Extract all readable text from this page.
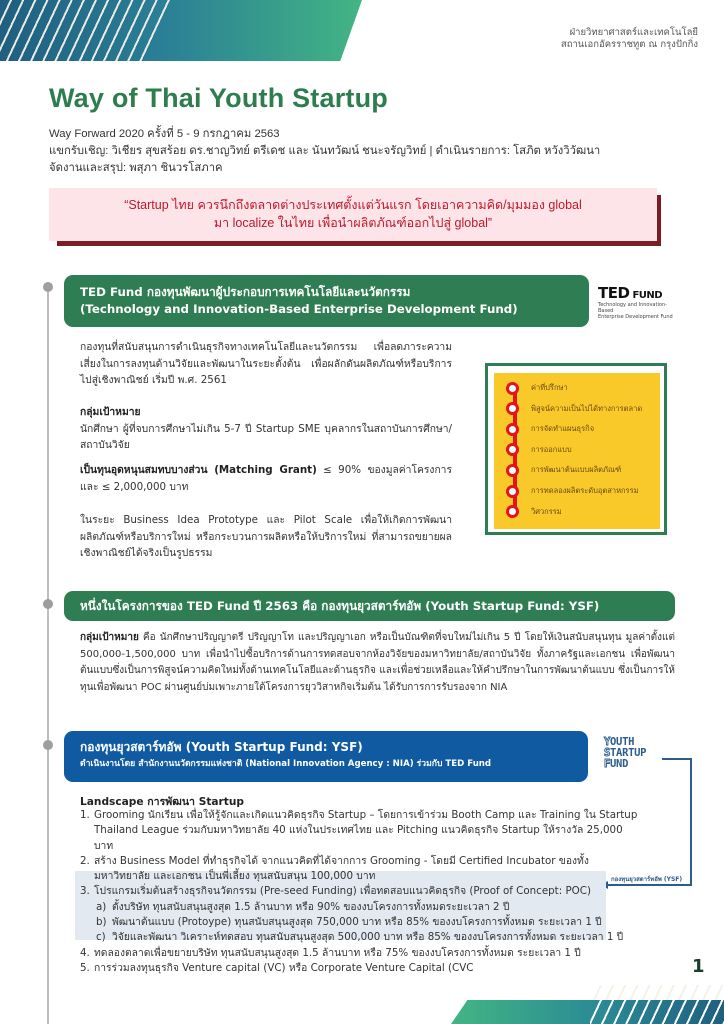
ฝ่ายวิทยาศาสตร์และเทคโนโลยี
สถานเอกอัครราชทูต ณ กรุงปักกิ่ง
Way of Thai Youth Startup
Way Forward 2020 ครั้งที่ 5 - 9 กรกฎาคม 2563
แขกรับเชิญ: วิเชียร สุขสร้อย ดร.ชาญวิทย์ ตรีเดช และ นันทวัฒน์ ชนะจรัญวิทย์ | ดำเนินรายการ: โสภิต หวังวิวัฒนา
จัดงานและสรุป: พสุภา ชินวรโสภาค
“Startup ไทย ควรนึกถึงตลาดต่างประเทศตั้งแต่วันแรก โดยเอาความคิด/มุมมอง global
มา localize ในไทย เพื่อนำผลิตภัณฑ์ออกไปสู่ global”
TED Fund กองทุนพัฒนาผู้ประกอบการเทคโนโลยีและนวัตกรรม
(Technology and Innovation-Based Enterprise Development Fund)
TED FUND
Technology and Innovation-Based
Enterprise Development Fund

กองทุนที่สนับสนุนการดำเนินธุรกิจทางเทคโนโลยีและนวัตกรรม เพื่อลดภาระความเสี่ยงในการลงทุนด้านวิจัยและพัฒนาในระยะตั้งต้น เพื่อผลักดันผลิตภัณฑ์หรือบริการไปสู่เชิงพาณิชย์ เริ่มปี พ.ศ. 2561

กลุ่มเป้าหมาย
นักศึกษา ผู้ที่จบการศึกษาไม่เกิน 5-7 ปี Startup SME บุคลากรในสถาบันการศึกษา/สถาบันวิจัย
เป็นทุนอุดหนุนสมทบบางส่วน (Matching Grant) ≤ 90% ของมูลค่าโครงการ และ ≤ 2,000,000 บาท

ในระยะ Business Idea Prototype และ Pilot Scale เพื่อให้เกิดการพัฒนาผลิตภัณฑ์หรือบริการใหม่ หรือกระบวนการผลิตหรือให้บริการใหม่ ที่สามารถขยายผลเชิงพาณิชย์ได้จริงเป็นรูปธรรม

ค่าที่ปรึกษา
พิสูจน์ความเป็นไปได้ทางการตลาด
การจัดทำแผนธุรกิจ
การออกแบบ
การพัฒนาต้นแบบผลิตภัณฑ์
การทดลองผลิตระดับอุตสาหกรรม
วิศวกรรม
หนึ่งในโครงการของ TED Fund ปี 2563 คือ กองทุนยุวสตาร์ทอัพ (Youth Startup Fund: YSF)

กลุ่มเป้าหมาย คือ นักศึกษาปริญญาตรี ปริญญาโท และปริญญาเอก หรือเป็นบัณฑิตที่จบใหม่ไม่เกิน 5 ปี โดยให้เงินสนับสนุนทุน มูลค่าตั้งแต่ 500,000-1,500,000 บาท เพื่อนำไปซื้อบริการด้านการทดสอบจากห้องวิจัยของมหาวิทยาลัย/สถาบันวิจัย ทั้งภาครัฐและเอกชน เพื่อพัฒนาต้นแบบซึ่งเป็นการพิสูจน์ความคิดใหม่ทั้งด้านเทคโนโลยีและด้านธุรกิจ และเพื่อช่วยเหลือและให้คำปรึกษาในการพัฒนาต้นแบบ ซึ่งเป็นการให้ทุนเพื่อพัฒนา POC ผ่านศูนย์บ่มเพาะภายใต้โครงการยุววิสาหกิจเริ่มต้น ได้รับการการรับรองจาก NIA

กองทุนยุวสตาร์ทอัพ (Youth Startup Fund: YSF)
ดำเนินงานโดย สำนักงานนวัตกรรมแห่งชาติ (National Innovation Agency : NIA) ร่วมกับ TED Fund
YOUTH
STARTUP
FUND
กองทุนยุวสตาร์ทอัพ (YSF)
Landscape การพัฒนา Startup
1. Grooming นักเรียน เพื่อให้รู้จักและเกิดแนวคิดธุรกิจ Startup – โดยการเข้าร่วม Booth Camp และ Training ใน Startup Thailand League ร่วมกับมหาวิทยาลัย 40 แห่งในประเทศไทย และ Pitching แนวคิดธุรกิจ Startup ให้รางวัล 25,000 บาท
2. สร้าง Business Model ที่ทำธุรกิจได้ จากแนวคิดที่ได้จากการ Grooming - โดยมี Certified Incubator ของทั้งมหาวิทยาลัย และเอกชน เป็นพี่เลี้ยง ทุนสนับสนุน 100,000 บาท
3. โปรแกรมเริ่มต้นสร้างธุรกิจนวัตกรรม (Pre-seed Funding) เพื่อทดสอบแนวคิดธุรกิจ (Proof of Concept: POC)
a) ตั้งบริษัท ทุนสนับสนุนสูงสุด 1.5 ล้านบาท หรือ 90% ของงบโครงการทั้งหมดระยะเวลา 2 ปี
b) พัฒนาต้นแบบ (Protoype) ทุนสนับสนุนสูงสุด 750,000 บาท หรือ 85% ของงบโครงการทั้งหมด ระยะเวลา 1 ปี
c) วิจัยและพัฒนา วิเคราะห์ทดสอบ ทุนสนับสนุนสูงสุด 500,000 บาท หรือ 85% ของงบโครงการทั้งหมด ระยะเวลา 1 ปี
4. ทดลองตลาดเพื่อขยายบริษัท ทุนสนับสนุนสูงสุด 1.5 ล้านบาท หรือ 75% ของงบโครงการทั้งหมด ระยะเวลา 1 ปี
5. การร่วมลงทุนธุรกิจ Venture capital (VC) หรือ Corporate Venture Capital (CVC	1
